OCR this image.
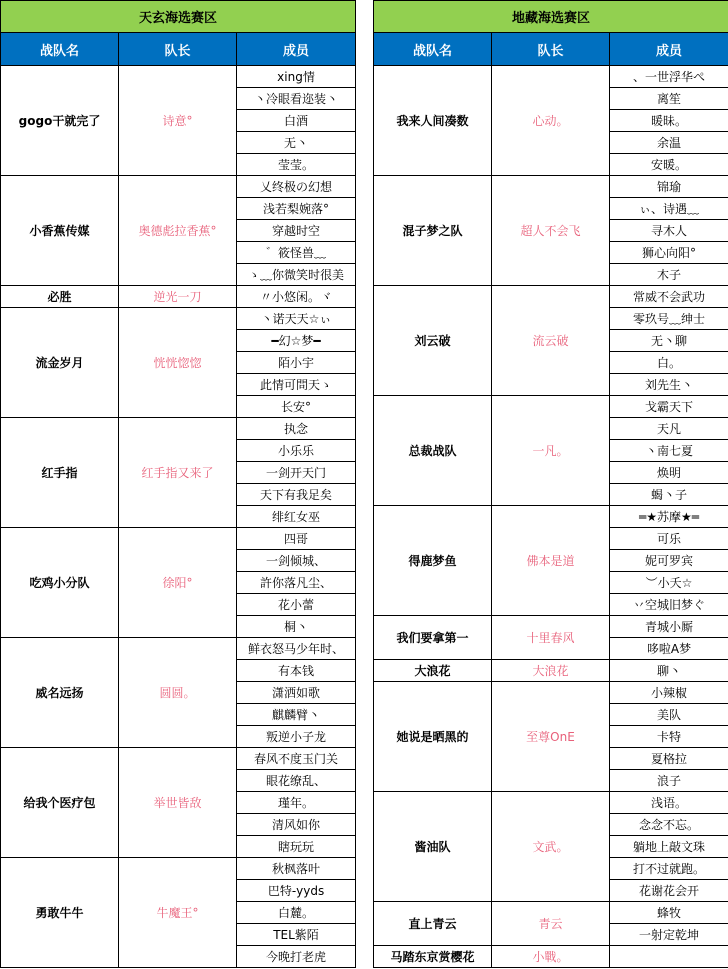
天玄海选赛区		
战队名	队长	成员
gogo干就完了	诗意°	xing情
		丶冷眼看迩装丶
		白酒
		无丶
		莹莹。
小香蕉传媒	奥德彪拉香蕉°	乂终极の幻想
		浅若梨婉落°
		穿越时空
		゛筱怪兽﹏
		ゝ﹏你微笑时很美
必胜	逆光一刀	〃小悠闲。ヾ
流金岁月	恍恍惚惚	丶诺天天☆ぃ
		━幻☆梦━
		陌小宇
		此情可問天ゝ
		长安°
红手指	红手指又来了	执念
		小乐乐
		一剑开天门
		天下有我足矣
		绯红女巫
吃鸡小分队	徐阳°	四哥
		一剑倾城、
		許你落凡尘、
		花小蕾
		桐丶
威名远扬	圆圆。	鲜衣怒马少年时、
		有本钱
		潇洒如歌
		麒麟臂丶
		叛逆小子龙
给我个医疗包	举世皆敌	春风不度玉门关
		眼花缭乱、
		瑾年。
		清风如你
		瞎玩玩
勇敢牛牛	牛魔王°	秋枫落叶
		巴特-yyds
		白麓。
		TEL紫陌
		今晚打老虎
地藏海选赛区		
战队名	队长	成员
我来人间凑数	心动。	、一世浮华ぺ
		离笙
		暖昧。
		余温
		安暖。
混子梦之队	超人不会飞	锦瑜
		ぃ、诗遇﹏
		寻木人
		狮心向阳°
		木子
刘云破	流云破	常威不会武功
		零玖号﹏绅士
		无丶聊
		白。
		刘先生丶
总裁战队	一凡。	戈霸天下
		天凡
		丶南七夏
		焕明
		蝎丶子
得鹿梦鱼	佛本是道	═★苏摩★═
		可乐
		妮可罗宾
		︶小夭☆
		丷空城旧梦ぐ
我们要拿第一	十里春风	青城小厮
		哆啦A梦
大浪花	大浪花	聊丶
她说是晒黑的	至尊OnE	小辣椒
		美队
		卡特
		夏格拉
		浪子
酱油队	文武。	浅语。
		念念不忘。
		躺地上敲文珠
		打不过就跑。
		花谢花会开
直上青云	青云	蜂牧
		一射定乾坤
马踏东京赏樱花	小戰。	
